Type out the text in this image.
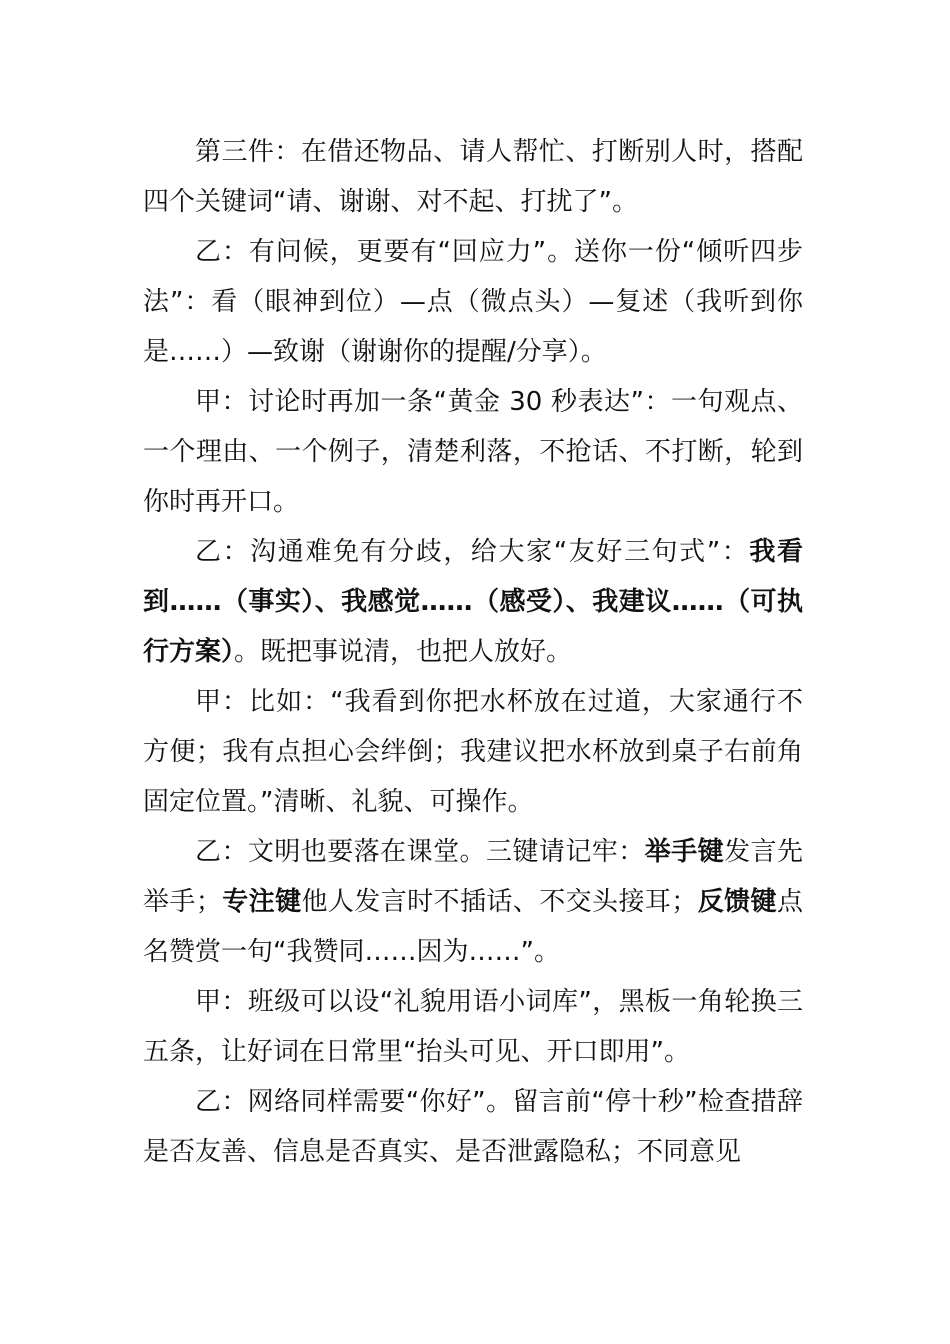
第三件：在借还物品、请人帮忙、打断别人时，搭配四个关键词“请、谢谢、对不起、打扰了”。

乙：有问候，更要有“回应力”。送你一份“倾听四步法”：看（眼神到位）—点（微点头）—复述（我听到你是……）—致谢（谢谢你的提醒/分享）。

甲：讨论时再加一条“黄金 30 秒表达”：一句观点、一个理由、一个例子，清楚利落，不抢话、不打断，轮到你时再开口。

乙：沟通难免有分歧，给大家“友好三句式”：我看到……（事实）、我感觉……（感受）、我建议……（可执行方案）。既把事说清，也把人放好。

甲：比如：“我看到你把水杯放在过道，大家通行不方便；我有点担心会绊倒；我建议把水杯放到桌子右前角固定位置。”清晰、礼貌、可操作。

乙：文明也要落在课堂。三键请记牢：举手键发言先举手；专注键他人发言时不插话、不交头接耳；反馈键点名赞赏一句“我赞同……因为……”。

甲：班级可以设“礼貌用语小词库”，黑板一角轮换三五条，让好词在日常里“抬头可见、开口即用”。

乙：网络同样需要“你好”。留言前“停十秒”检查措辞是否友善、信息是否真实、是否泄露隐私；不同意见
